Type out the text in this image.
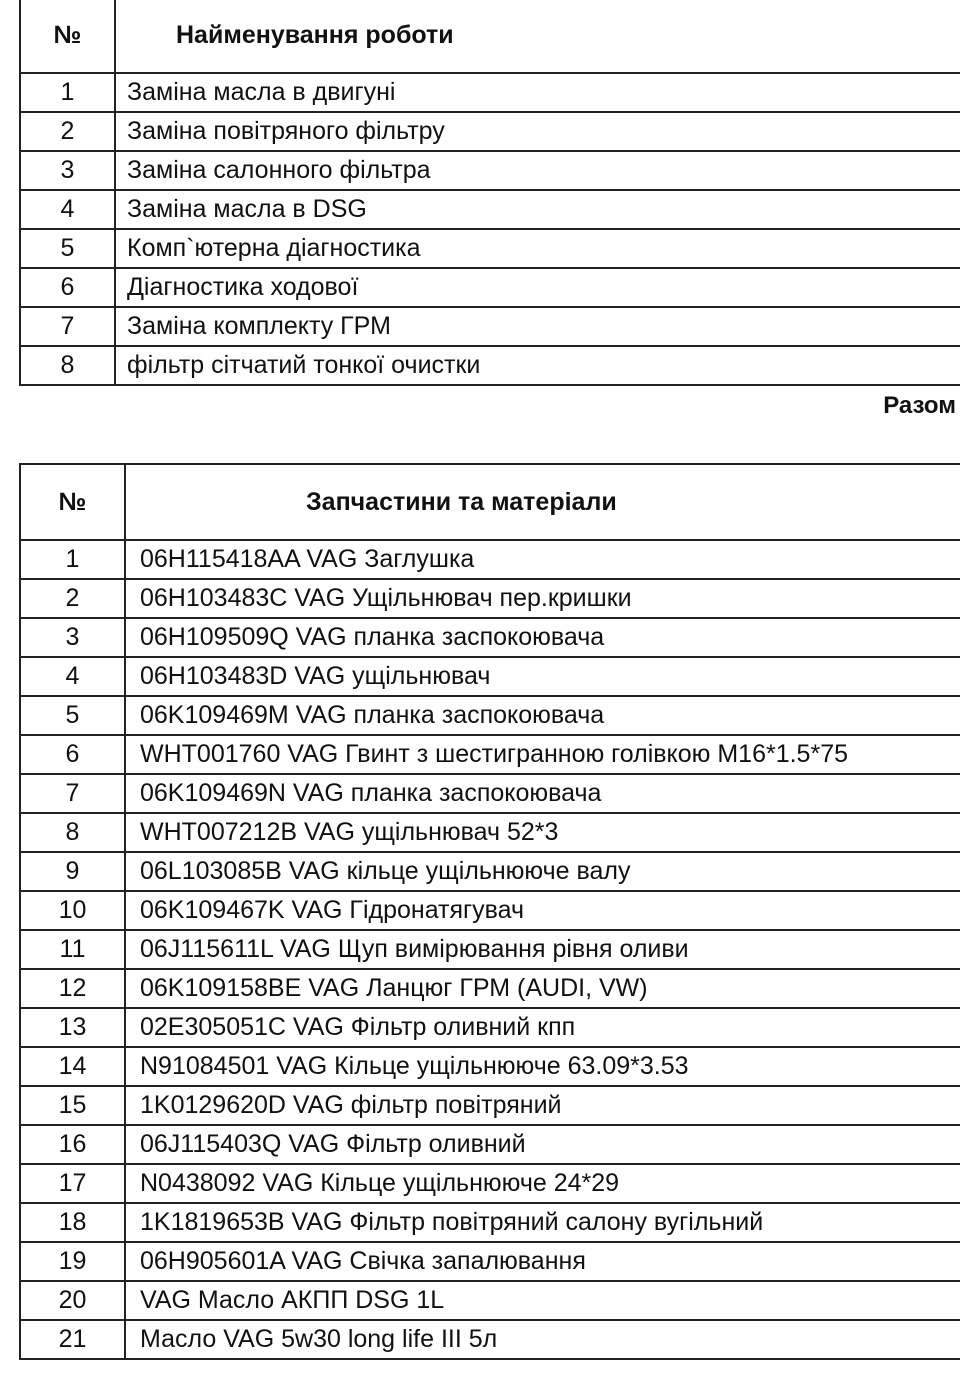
№	Найменування роботи
1	Заміна масла в двигуні
2	Заміна повітряного фільтру
3	Заміна салонного фільтра
4	Заміна масла в DSG
5	Комп`ютерна діагностика
6	Діагностика ходової
7	Заміна комплекту ГРМ
8	фільтр сітчатий тонкої очистки
Разом
№	Запчастини та матеріали
1	06H115418AA VAG Заглушка
2	06H103483C VAG Ущільнювач пер.кришки
3	06H109509Q VAG планка заспокоювача
4	06H103483D VAG ущільнювач
5	06K109469M VAG планка заспокоювача
6	WHT001760 VAG Гвинт з шестигранною голівкою M16*1.5*75
7	06K109469N VAG планка заспокоювача
8	WHT007212B VAG ущільнювач 52*3
9	06L103085B VAG кільце ущільнююче валу
10	06K109467K VAG Гідронатягувач
11	06J115611L VAG Щуп вимірювання рівня оливи
12	06K109158BE VAG Ланцюг ГРМ (AUDI, VW)
13	02E305051C VAG Фільтр оливний кпп
14	N91084501 VAG Кільце ущільнююче 63.09*3.53
15	1K0129620D VAG фільтр повітряний
16	06J115403Q VAG Фільтр оливний
17	N0438092 VAG Кільце ущільнююче 24*29
18	1K1819653B VAG Фільтр повітряний салону вугільний
19	06H905601A VAG Свічка запалювання
20	VAG Масло АКПП DSG 1L
21	Масло VAG 5w30 long life III 5л
